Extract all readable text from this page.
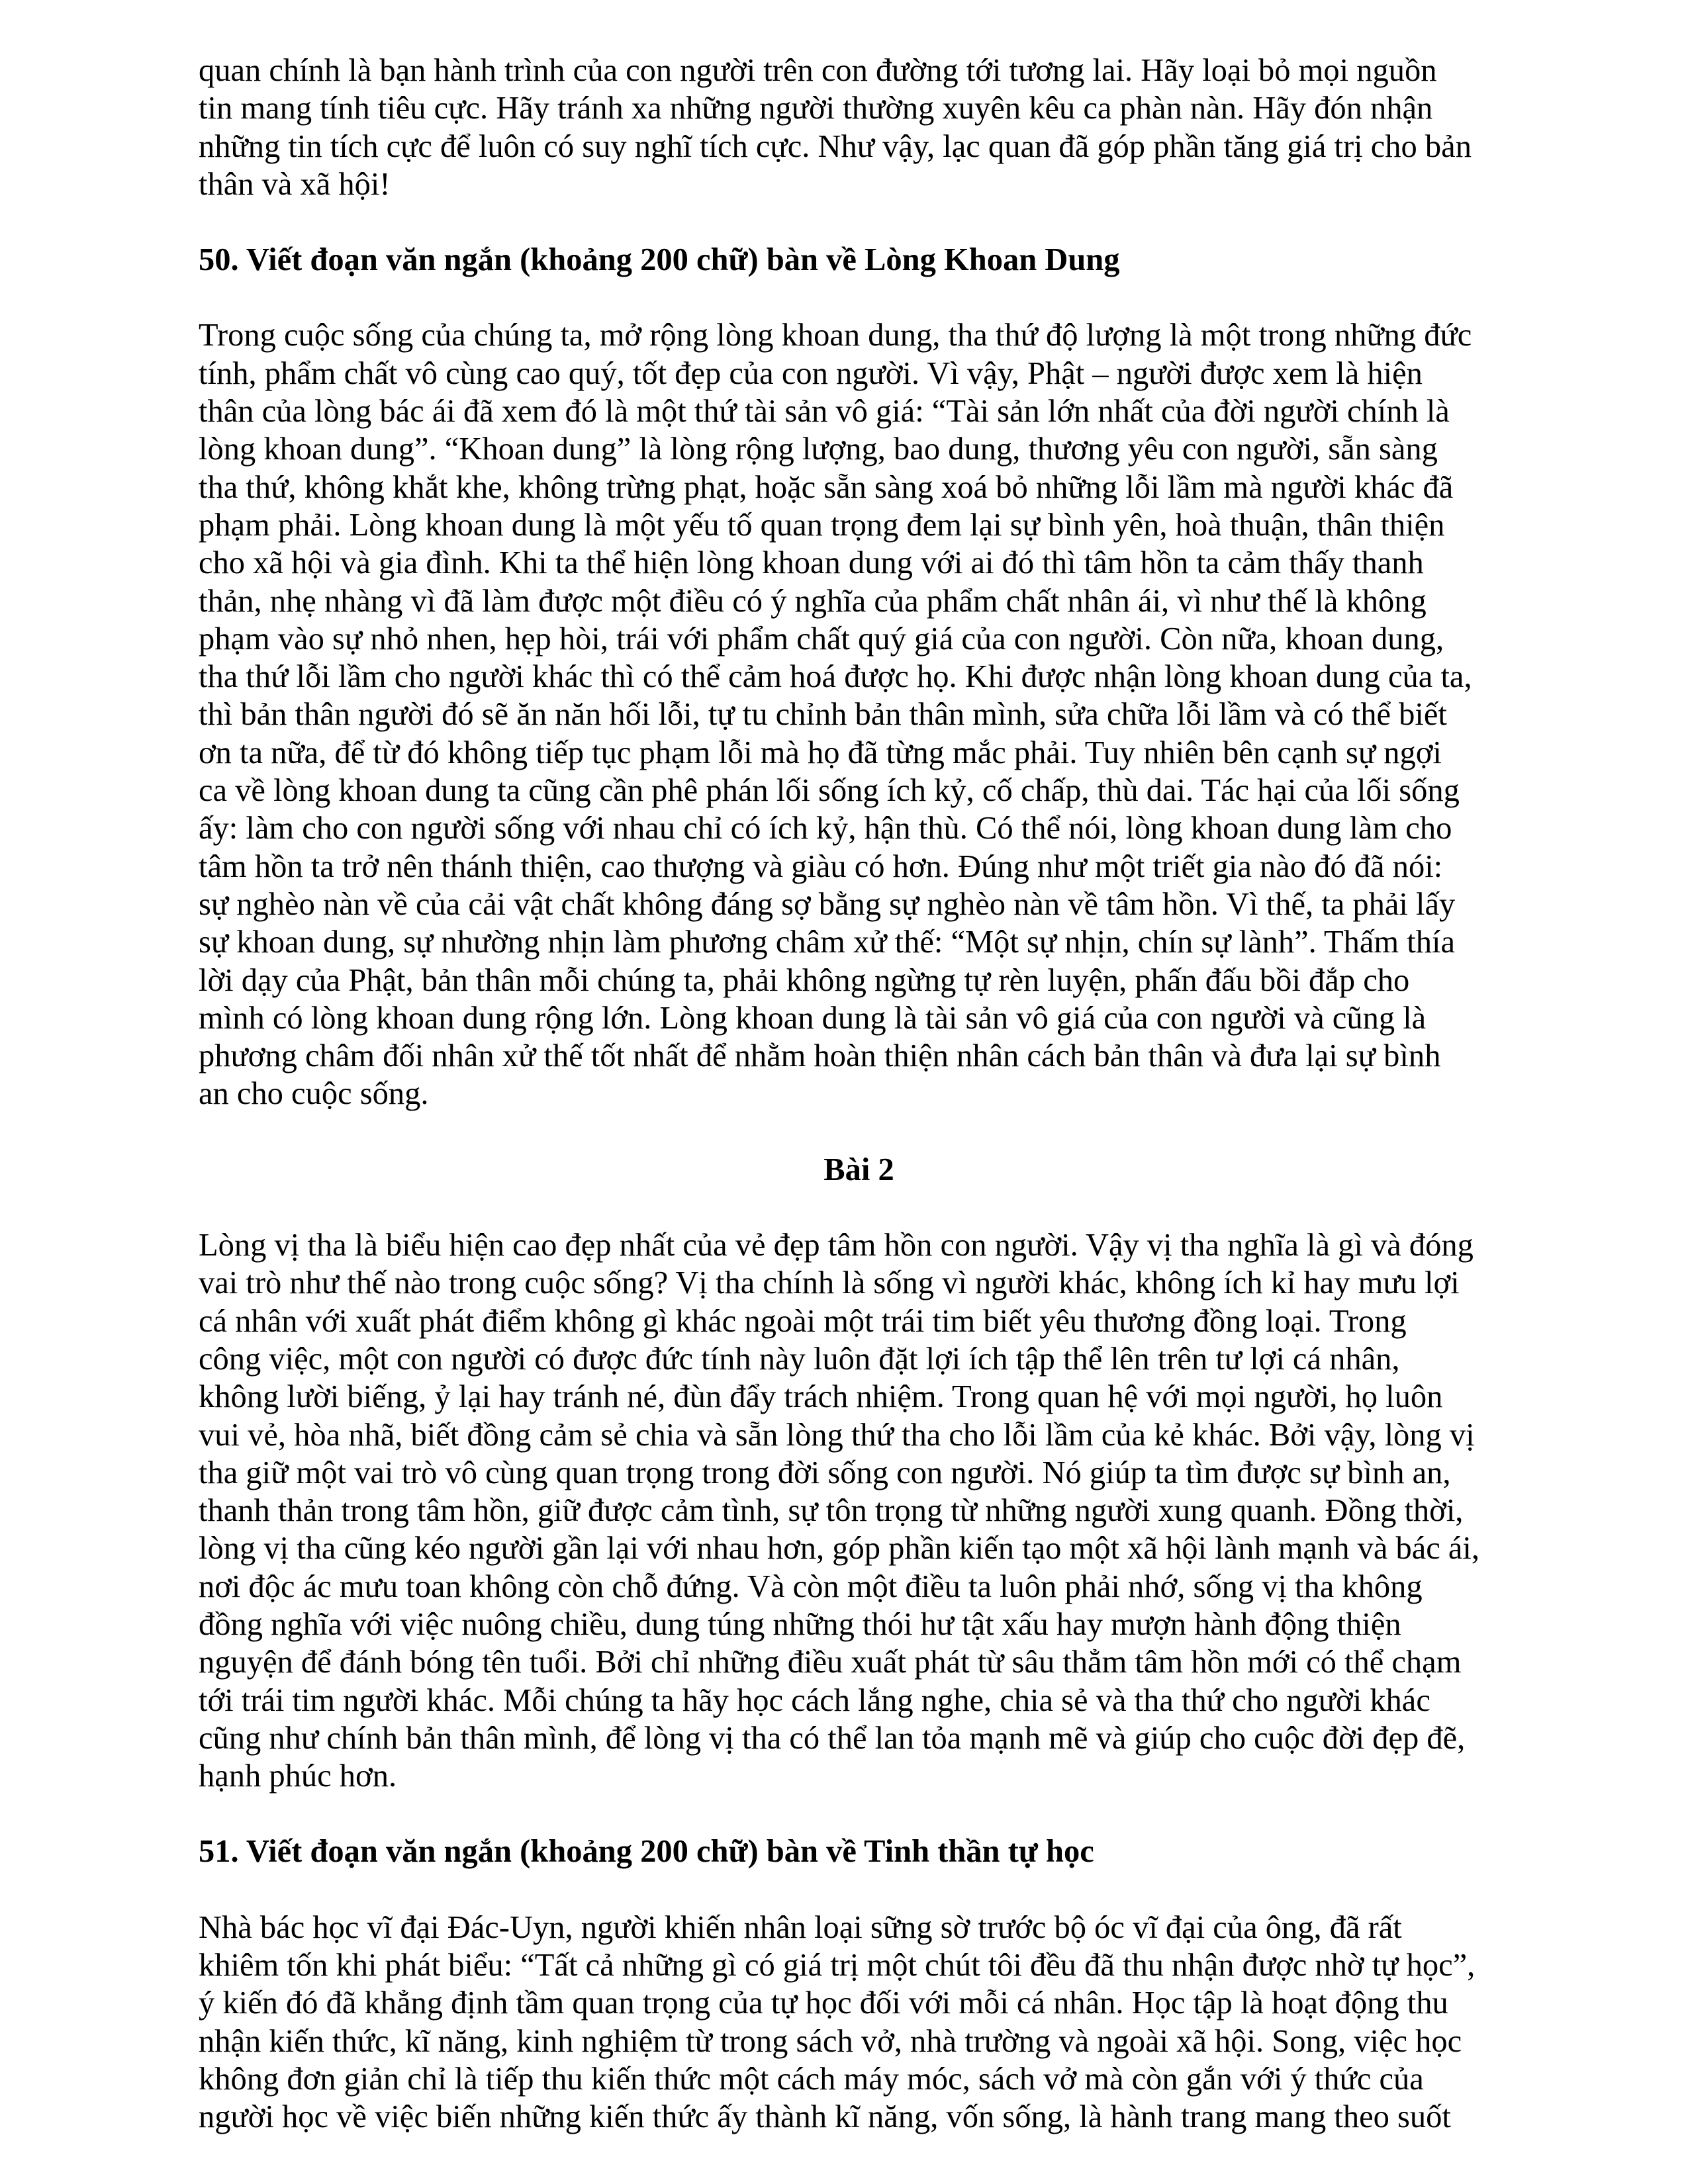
quan chính là bạn hành trình của con người trên con đường tới tương lai. Hãy loại bỏ mọi nguồn
tin mang tính tiêu cực. Hãy tránh xa những người thường xuyên kêu ca phàn nàn. Hãy đón nhận
những tin tích cực để luôn có suy nghĩ tích cực. Như vậy, lạc quan đã góp phần tăng giá trị cho bản
thân và xã hội!
50. Viết đoạn văn ngắn (khoảng 200 chữ) bàn về Lòng Khoan Dung
Trong cuộc sống của chúng ta, mở rộng lòng khoan dung, tha thứ độ lượng là một trong những đức
tính, phẩm chất vô cùng cao quý, tốt đẹp của con người. Vì vậy, Phật – người được xem là hiện
thân của lòng bác ái đã xem đó là một thứ tài sản vô giá: “Tài sản lớn nhất của đời người chính là
lòng khoan dung”. “Khoan dung” là lòng rộng lượng, bao dung, thương yêu con người, sẵn sàng
tha thứ, không khắt khe, không trừng phạt, hoặc sẵn sàng xoá bỏ những lỗi lầm mà người khác đã
phạm phải. Lòng khoan dung là một yếu tố quan trọng đem lại sự bình yên, hoà thuận, thân thiện
cho xã hội và gia đình. Khi ta thể hiện lòng khoan dung với ai đó thì tâm hồn ta cảm thấy thanh
thản, nhẹ nhàng vì đã làm được một điều có ý nghĩa của phẩm chất nhân ái, vì như thế là không
phạm vào sự nhỏ nhen, hẹp hòi, trái với phẩm chất quý giá của con người. Còn nữa, khoan dung,
tha thứ lỗi lầm cho người khác thì có thể cảm hoá được họ. Khi được nhận lòng khoan dung của ta,
thì bản thân người đó sẽ ăn năn hối lỗi, tự tu chỉnh bản thân mình, sửa chữa lỗi lầm và có thể biết
ơn ta nữa, để từ đó không tiếp tục phạm lỗi mà họ đã từng mắc phải. Tuy nhiên bên cạnh sự ngợi
ca về lòng khoan dung ta cũng cần phê phán lối sống ích kỷ, cố chấp, thù dai. Tác hại của lối sống
ấy: làm cho con người sống với nhau chỉ có ích kỷ, hận thù. Có thể nói, lòng khoan dung làm cho
tâm hồn ta trở nên thánh thiện, cao thượng và giàu có hơn. Đúng như một triết gia nào đó đã nói:
sự nghèo nàn về của cải vật chất không đáng sợ bằng sự nghèo nàn về tâm hồn. Vì thế, ta phải lấy
sự khoan dung, sự nhường nhịn làm phương châm xử thế: “Một sự nhịn, chín sự lành”. Thấm thía
lời dạy của Phật, bản thân mỗi chúng ta, phải không ngừng tự rèn luyện, phấn đấu bồi đắp cho
mình có lòng khoan dung rộng lớn. Lòng khoan dung là tài sản vô giá của con người và cũng là
phương châm đối nhân xử thế tốt nhất để nhằm hoàn thiện nhân cách bản thân và đưa lại sự bình
an cho cuộc sống.
Bài 2
Lòng vị tha là biểu hiện cao đẹp nhất của vẻ đẹp tâm hồn con người. Vậy vị tha nghĩa là gì và đóng
vai trò như thế nào trong cuộc sống? Vị tha chính là sống vì người khác, không ích kỉ hay mưu lợi
cá nhân với xuất phát điểm không gì khác ngoài một trái tim biết yêu thương đồng loại. Trong
công việc, một con người có được đức tính này luôn đặt lợi ích tập thể lên trên tư lợi cá nhân,
không lười biếng, ỷ lại hay tránh né, đùn đẩy trách nhiệm. Trong quan hệ với mọi người, họ luôn
vui vẻ, hòa nhã, biết đồng cảm sẻ chia và sẵn lòng thứ tha cho lỗi lầm của kẻ khác. Bởi vậy, lòng vị
tha giữ một vai trò vô cùng quan trọng trong đời sống con người. Nó giúp ta tìm được sự bình an,
thanh thản trong tâm hồn, giữ được cảm tình, sự tôn trọng từ những người xung quanh. Đồng thời,
lòng vị tha cũng kéo người gần lại với nhau hơn, góp phần kiến tạo một xã hội lành mạnh và bác ái,
nơi độc ác mưu toan không còn chỗ đứng. Và còn một điều ta luôn phải nhớ, sống vị tha không
đồng nghĩa với việc nuông chiều, dung túng những thói hư tật xấu hay mượn hành động thiện
nguyện để đánh bóng tên tuổi. Bởi chỉ những điều xuất phát từ sâu thẳm tâm hồn mới có thể chạm
tới trái tim người khác. Mỗi chúng ta hãy học cách lắng nghe, chia sẻ và tha thứ cho người khác
cũng như chính bản thân mình, để lòng vị tha có thể lan tỏa mạnh mẽ và giúp cho cuộc đời đẹp đẽ,
hạnh phúc hơn.
51. Viết đoạn văn ngắn (khoảng 200 chữ) bàn về Tinh thần tự học
Nhà bác học vĩ đại Đác-Uyn, người khiến nhân loại sững sờ trước bộ óc vĩ đại của ông, đã rất
khiêm tốn khi phát biểu: “Tất cả những gì có giá trị một chút tôi đều đã thu nhận được nhờ tự học”,
ý kiến đó đã khẳng định tầm quan trọng của tự học đối với mỗi cá nhân. Học tập là hoạt động thu
nhận kiến thức, kĩ năng, kinh nghiệm từ trong sách vở, nhà trường và ngoài xã hội. Song, việc học
không đơn giản chỉ là tiếp thu kiến thức một cách máy móc, sách vở mà còn gắn với ý thức của
người học về việc biến những kiến thức ấy thành kĩ năng, vốn sống, là hành trang mang theo suốt
